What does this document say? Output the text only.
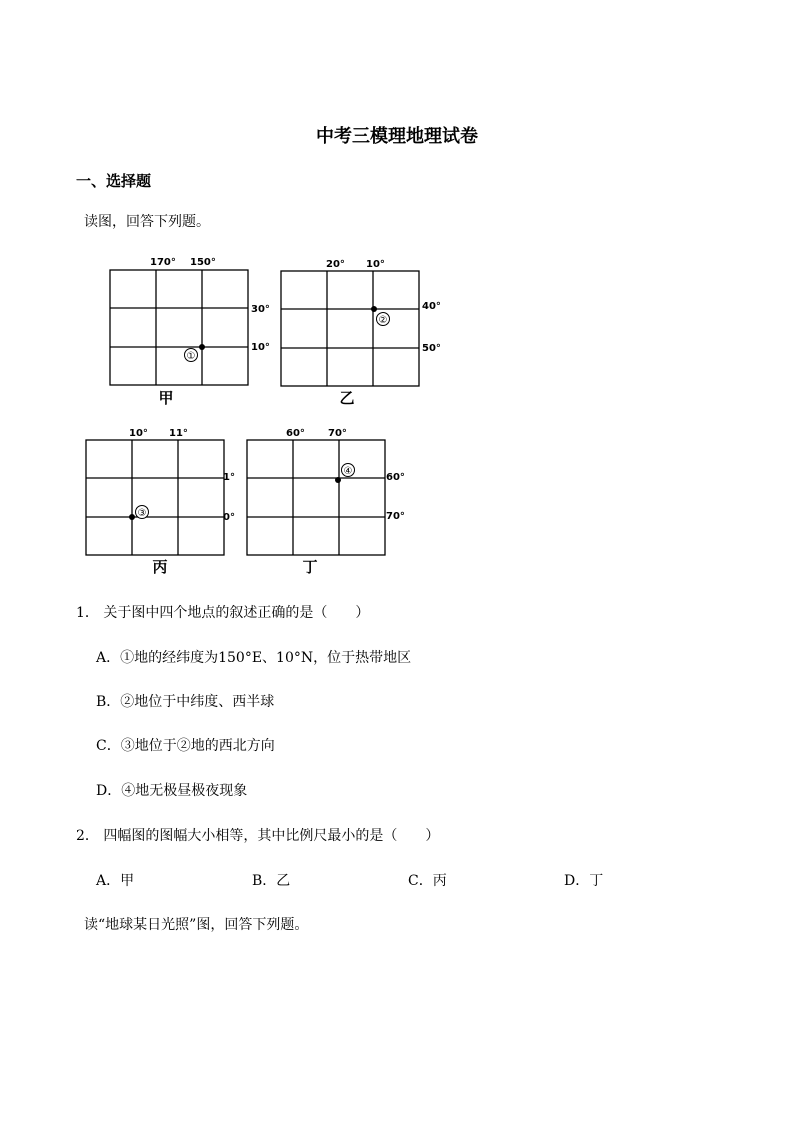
中考三模理地理试卷
一、选择题
读图，回答下列题。
170° 150°
30°
10°
①
甲
20° 10°
40°
50°
②
乙
10° 11°
1°
0°
③
丙
60° 70°
60°
70°
④
丁
1． 关于图中四个地点的叙述正确的是（　　）
A．①地的经纬度为150°E、10°N，位于热带地区
B．②地位于中纬度、西半球
C．③地位于②地的西北方向
D．④地无极昼极夜现象
2． 四幅图的图幅大小相等，其中比例尺最小的是（　　）
A．甲	B．乙	C．丙	D．丁
读“地球某日光照”图，回答下列题。
